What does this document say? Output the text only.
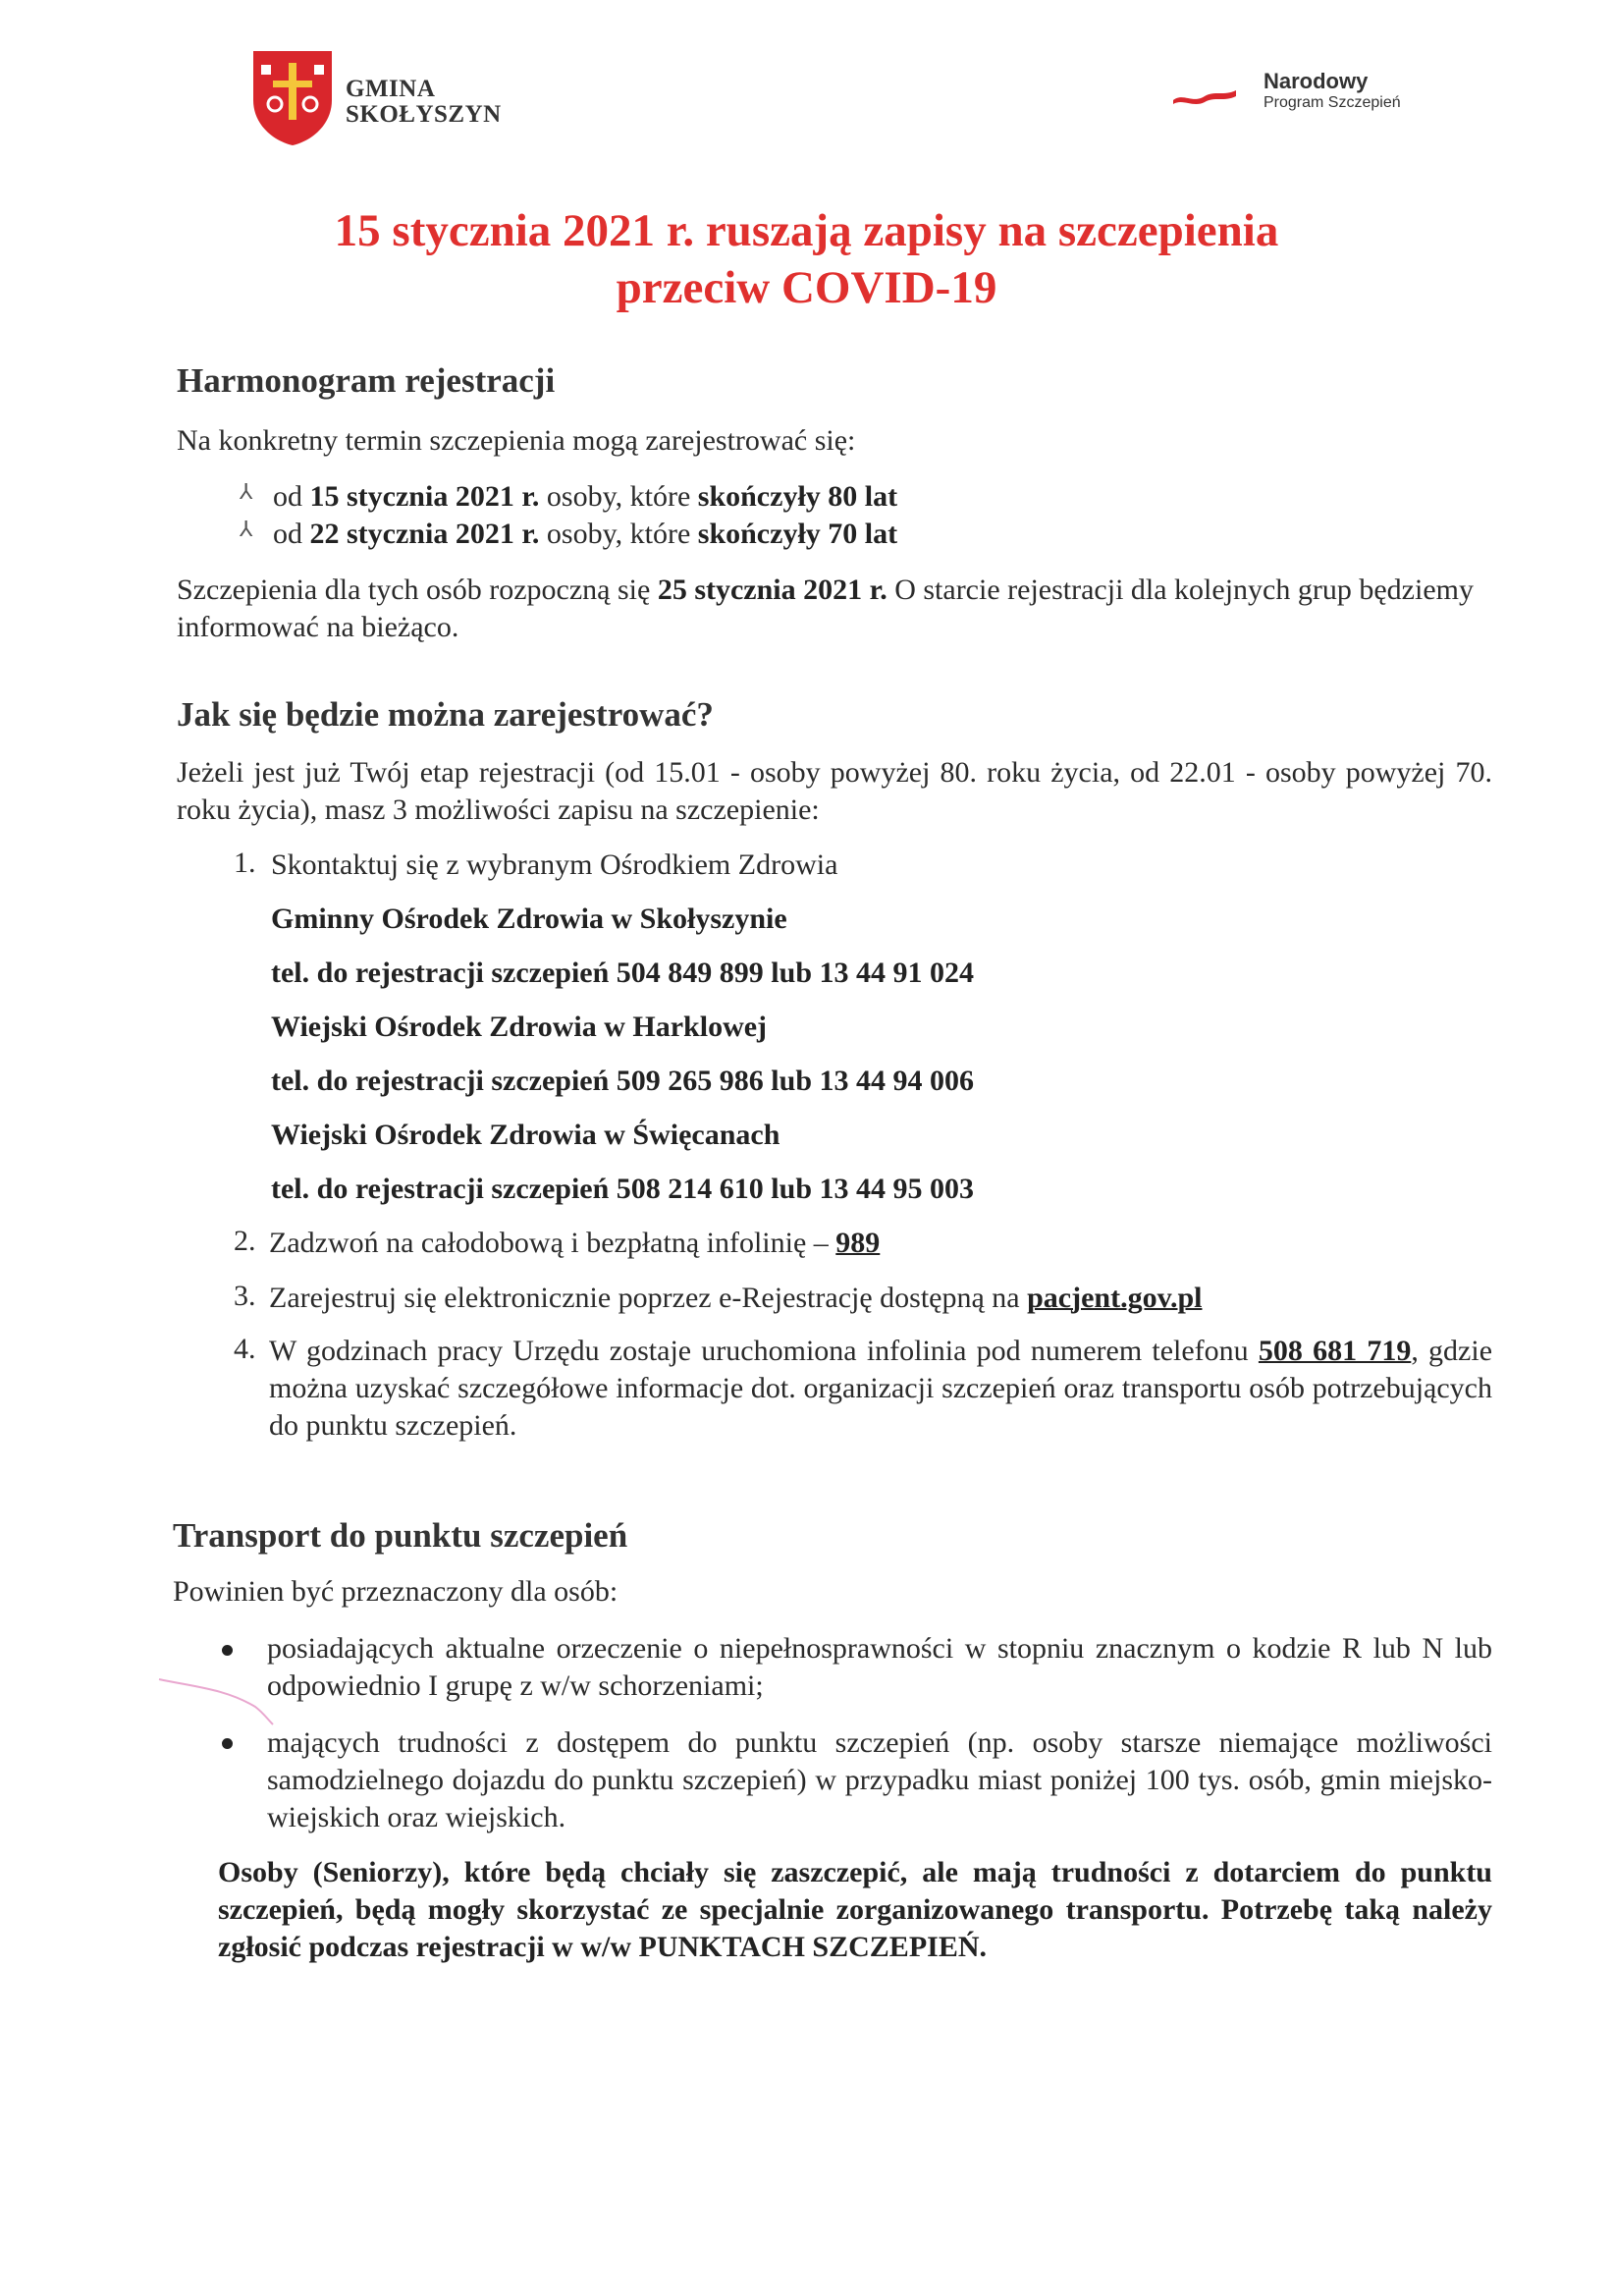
GMINA
SKOŁYSZYN
Narodowy
Program Szczepień
15 stycznia 2021 r. ruszają zapisy na szczepienia
przeciw COVID-19
Harmonogram rejestracji
Na konkretny termin szczepienia mogą zarejestrować się:
⅄ od 15 stycznia 2021 r. osoby, które skończyły 80 lat
⅄ od 22 stycznia 2021 r. osoby, które skończyły 70 lat
Szczepienia dla tych osób rozpoczną się 25 stycznia 2021 r. O starcie rejestracji dla kolejnych grup będziemy informować na bieżąco.
Jak się będzie można zarejestrować?
Jeżeli jest już Twój etap rejestracji (od 15.01 - osoby powyżej 80. roku życia, od 22.01 - osoby powyżej 70. roku życia), masz 3 możliwości zapisu na szczepienie:
1. Skontaktuj się z wybranym Ośrodkiem Zdrowia
Gminny Ośrodek Zdrowia w Skołyszynie
tel. do rejestracji szczepień 504 849 899 lub 13 44 91 024
Wiejski Ośrodek Zdrowia w Harklowej
tel. do rejestracji szczepień 509 265 986 lub 13 44 94 006
Wiejski Ośrodek Zdrowia w Święcanach
tel. do rejestracji szczepień 508 214 610 lub 13 44 95 003
2. Zadzwoń na całodobową i bezpłatną infolinię – 989
3. Zarejestruj się elektronicznie poprzez e-Rejestrację dostępną na pacjent.gov.pl
4. W godzinach pracy Urzędu zostaje uruchomiona infolinia pod numerem telefonu 508 681 719, gdzie można uzyskać szczegółowe informacje dot. organizacji szczepień oraz transportu osób potrzebujących do punktu szczepień.
Transport do punktu szczepień
Powinien być przeznaczony dla osób:
posiadających aktualne orzeczenie o niepełnosprawności w stopniu znacznym o kodzie R lub N lub odpowiednio I grupę z w/w schorzeniami;
mających trudności z dostępem do punktu szczepień (np. osoby starsze niemające możliwości samodzielnego dojazdu do punktu szczepień) w przypadku miast poniżej 100 tys. osób, gmin miejsko-wiejskich oraz wiejskich.
Osoby (Seniorzy), które będą chciały się zaszczepić, ale mają trudności z dotarciem do punktu szczepień, będą mogły skorzystać ze specjalnie zorganizowanego transportu. Potrzebę taką należy zgłosić podczas rejestracji w w/w PUNKTACH SZCZEPIEŃ.
